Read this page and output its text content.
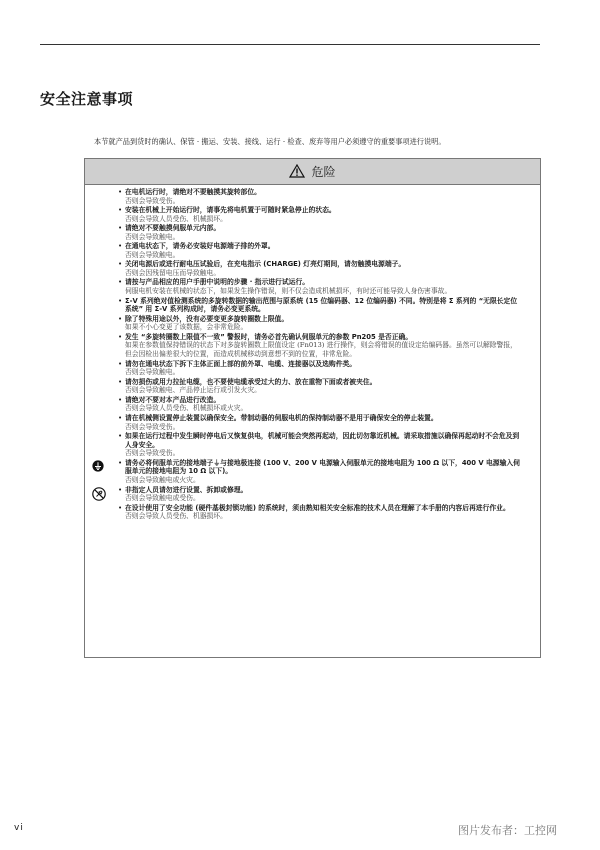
安全注意事项
本节就产品到货时的确认、保管 · 搬运、安装、接线、运行 · 检查、废弃等用户必须遵守的重要事项进行说明。
危险
• 在电机运行时，请绝对不要触摸其旋转部位。
否则会导致受伤。
• 安装在机械上开始运行时，请事先将电机置于可随时紧急停止的状态。
否则会导致人员受伤、机械损坏。
• 请绝对不要触摸伺服单元内部。
否则会导致触电。
• 在通电状态下，请务必安装好电源端子排的外罩。
否则会导致触电。
• 关闭电源后或进行耐电压试验后，在充电指示 (CHARGE) 灯亮灯期间，请勿触摸电源端子。
否则会因残留电压而导致触电。
• 请按与产品相应的用户手册中说明的步骤 · 指示进行试运行。
伺服电机安装在机械的状态下，如果发生操作错误，则不仅会造成机械损坏，有时还可能导致人身伤害事故。
• Σ-V 系列绝对值检测系统的多旋转数据的输出范围与原系统 (15 位编码器、12 位编码器) 不同。特别是将 Σ 系列的 “无限长定位系统” 用 Σ-V 系列构成时，请务必变更系统。
• 除了特殊用途以外，没有必要变更多旋转圈数上限值。
如果不小心变更了该数据，会非常危险。
• 发生 “多旋转圈数上限值不一致” 警报时，请务必首先确认伺服单元的参数 Pn205 是否正确。
如果在参数值保持错误的状态下对多旋转圈数上限值设定 (Fn013) 进行操作，则会将错误的值设定给编码器。虽然可以解除警报，但会因检出偏差很大的位置，而造成机械移动到意想不到的位置，非常危险。
• 请勿在通电状态下拆下主体正面上部的前外罩、电缆、连接器以及选购件类。
否则会导致触电。
• 请勿损伤或用力拉扯电缆，也不要使电缆承受过大的力、放在重物下面或者被夹住。
否则会导致触电、产品停止运行或引发火灾。
• 请绝对不要对本产品进行改造。
否则会导致人员受伤、机械损坏或火灾。
• 请在机械侧设置停止装置以确保安全。带制动器的伺服电机的保持制动器不是用于确保安全的停止装置。
否则会导致受伤。
• 如果在运行过程中发生瞬时停电后又恢复供电，机械可能会突然再起动，因此切勿靠近机械。请采取措施以确保再起动时不会危及到人身安全。
否则会导致受伤。
• 请务必将伺服单元的接地端子⏚与接地极连接 (100 V、200 V 电源输入伺服单元的接地电阻为 100 Ω 以下，400 V 电源输入伺服单元的接地电阻为 10 Ω 以下)。
否则会导致触电或火灾。
• 非指定人员请勿进行设置、拆卸或修理。
否则会导致触电或受伤。
• 在设计使用了安全功能 (硬件基极封锁功能) 的系统时，须由熟知相关安全标准的技术人员在理解了本手册的内容后再进行作业。
否则会导致人员受伤、机器损坏。
vi	图片发布者：工控网
